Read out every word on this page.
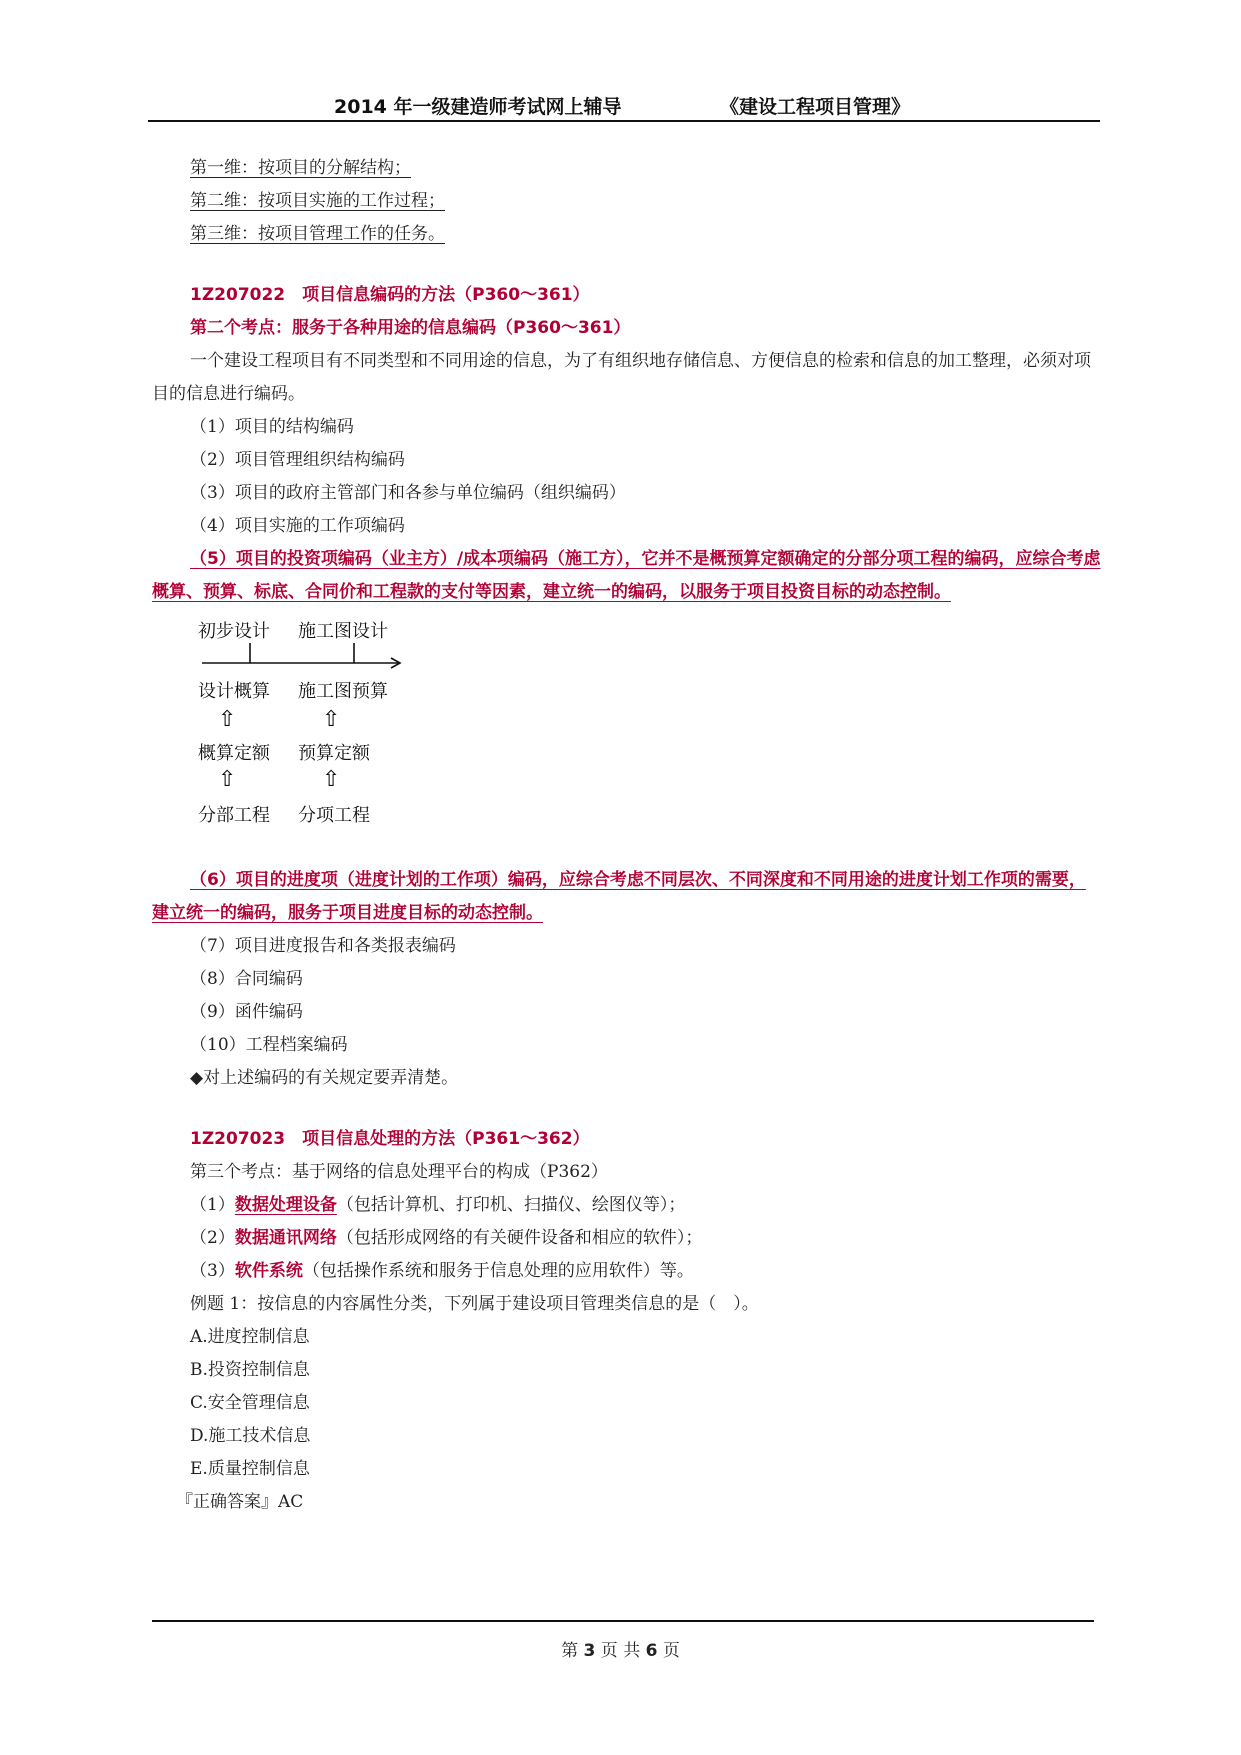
2014 年一级建造师考试网上辅导	《建设工程项目管理》
第一维：按项目的分解结构；
第二维：按项目实施的工作过程；
第三维：按项目管理工作的任务。
1Z207022　项目信息编码的方法（P360～361）
第二个考点：服务于各种用途的信息编码（P360～361）
一个建设工程项目有不同类型和不同用途的信息，为了有组织地存储信息、方便信息的检索和信息的加工整理，必须对项目的信息进行编码。
（1）项目的结构编码
（2）项目管理组织结构编码
（3）项目的政府主管部门和各参与单位编码（组织编码）
（4）项目实施的工作项编码
（5）项目的投资项编码（业主方）/成本项编码（施工方），它并不是概预算定额确定的分部分项工程的编码，应综合考虑概算、预算、标底、合同价和工程款的支付等因素，建立统一的编码，以服务于项目投资目标的动态控制。
初步设计 施工图设计
设计概算 施工图预算
⇧	⇧
概算定额 预算定额
⇧	⇧
分部工程 分项工程
（6）项目的进度项（进度计划的工作项）编码，应综合考虑不同层次、不同深度和不同用途的进度计划工作项的需要，建立统一的编码，服务于项目进度目标的动态控制。
（7）项目进度报告和各类报表编码
（8）合同编码
（9）函件编码
（10）工程档案编码
◆对上述编码的有关规定要弄清楚。
1Z207023　项目信息处理的方法（P361～362）
第三个考点：基于网络的信息处理平台的构成（P362）
（1）数据处理设备（包括计算机、打印机、扫描仪、绘图仪等）；
（2）数据通讯网络（包括形成网络的有关硬件设备和相应的软件）；
（3）软件系统（包括操作系统和服务于信息处理的应用软件）等。
例题 1：按信息的内容属性分类，下列属于建设项目管理类信息的是（　）。
A.进度控制信息
B.投资控制信息
C.安全管理信息
D.施工技术信息
E.质量控制信息
『正确答案』AC
第 3 页 共 6 页
